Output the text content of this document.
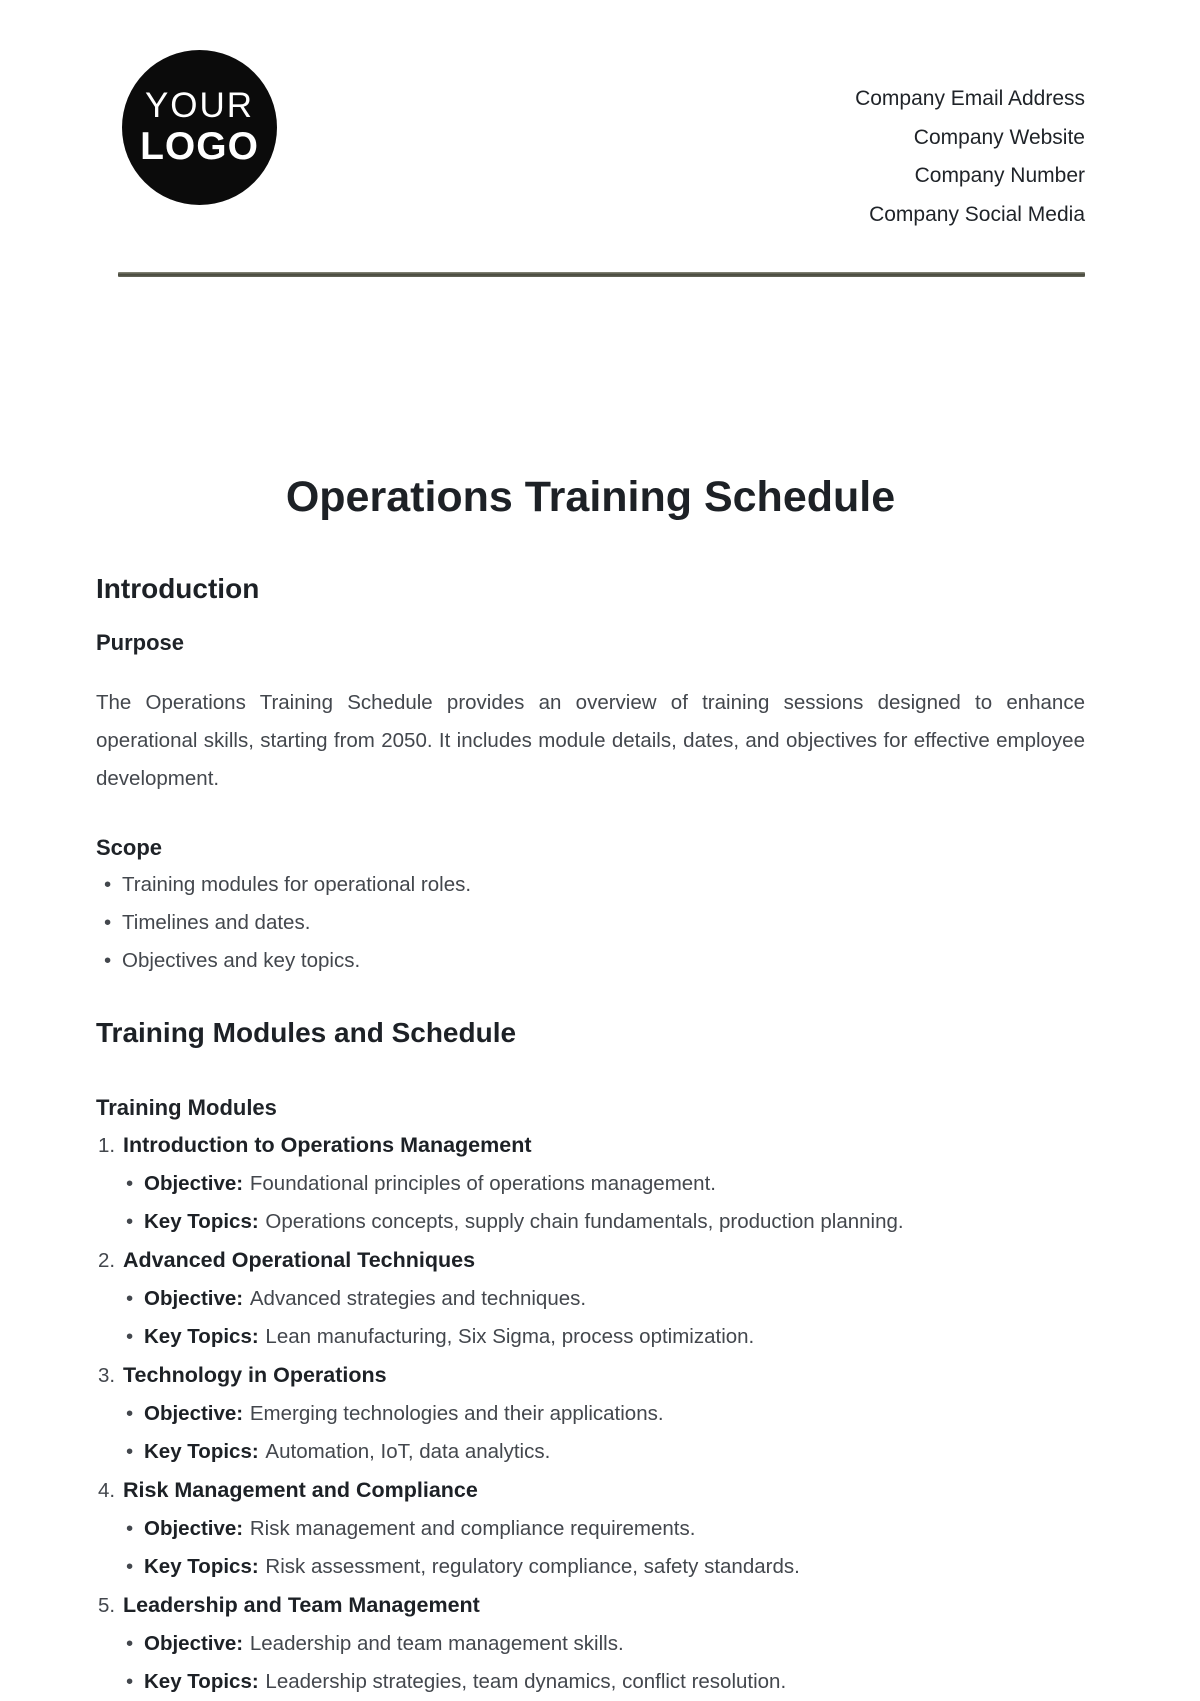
YOUR
LOGO
Company Email Address
Company Website
Company Number
Company Social Media
Operations Training Schedule
Introduction
Purpose

The Operations Training Schedule provides an overview of training sessions designed to enhance operational skills, starting from 2050. It includes module details, dates, and objectives for effective employee development.

Scope
• Training modules for operational roles.
• Timelines and dates.
• Objectives and key topics.
Training Modules and Schedule
Training Modules
1. Introduction to Operations Management
• Objective: Foundational principles of operations management.
• Key Topics: Operations concepts, supply chain fundamentals, production planning.
2. Advanced Operational Techniques
• Objective: Advanced strategies and techniques.
• Key Topics: Lean manufacturing, Six Sigma, process optimization.
3. Technology in Operations
• Objective: Emerging technologies and their applications.
• Key Topics: Automation, IoT, data analytics.
4. Risk Management and Compliance
• Objective: Risk management and compliance requirements.
• Key Topics: Risk assessment, regulatory compliance, safety standards.
5. Leadership and Team Management
• Objective: Leadership and team management skills.
• Key Topics: Leadership strategies, team dynamics, conflict resolution.
